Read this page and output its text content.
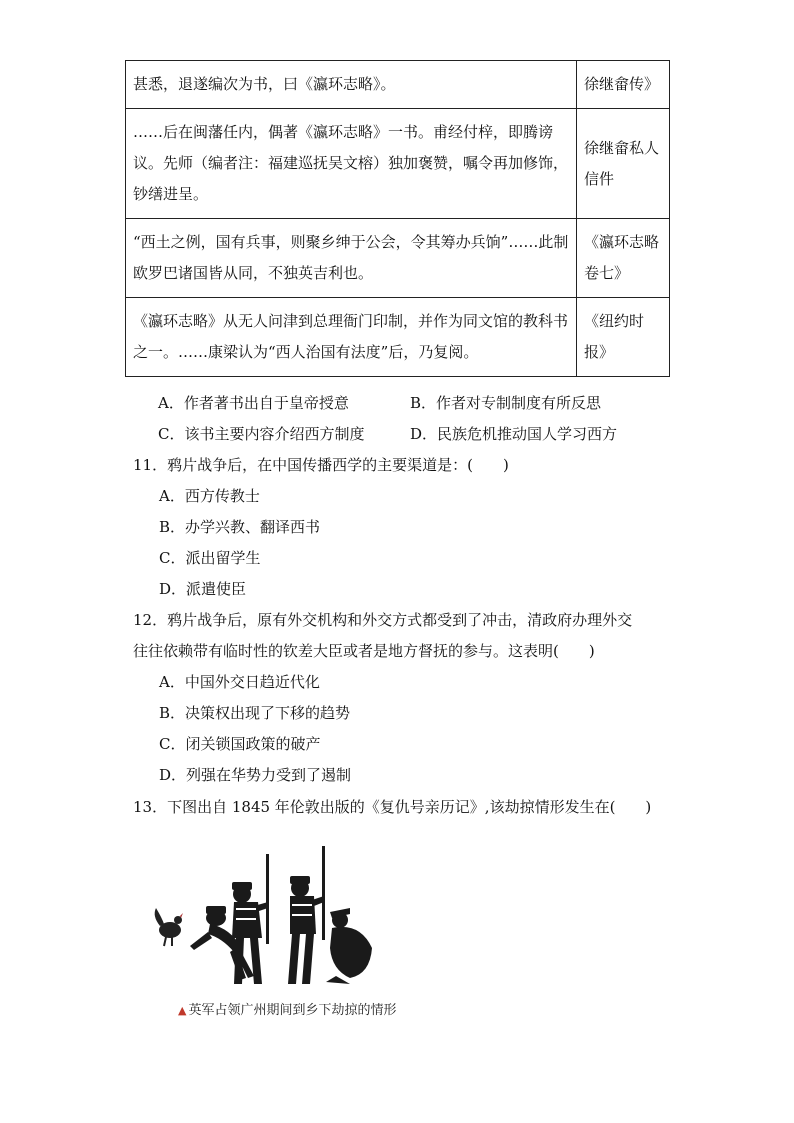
甚悉，退遂编次为书，曰《瀛环志略》。	徐继畲传》
……后在闽藩任内，偶著《瀛环志略》一书。甫经付梓，即腾谤议。先师（编者注：福建巡抚吴文榕）独加褒赞，嘱令再加修饰，钞缮进呈。	徐继畲私人信件
“西土之例，国有兵事，则聚乡绅于公会，令其筹办兵饷”……此制欧罗巴诸国皆从同，不独英吉利也。	《瀛环志略卷七》
《瀛环志略》从无人问津到总理衙门印制，并作为同文馆的教科书之一。……康梁认为“西人治国有法度”后，乃复阅。	《纽约时报》
A．作者著书出自于皇帝授意	B．作者对专制制度有所反思
C．该书主要内容介绍西方制度	D．民族危机推动国人学习西方
11．鸦片战争后，在中国传播西学的主要渠道是：(　　)
A．西方传教士
B．办学兴教、翻译西书
C．派出留学生
D．派遣使臣
12．鸦片战争后，原有外交机构和外交方式都受到了冲击，清政府办理外交
往往依赖带有临时性的钦差大臣或者是地方督抚的参与。这表明(　　)
A．中国外交日趋近代化
B．决策权出现了下移的趋势
C．闭关锁国政策的破产
D．列强在华势力受到了遏制
13．下图出自 1845 年伦敦出版的《复仇号亲历记》,该劫掠情形发生在(　　)
▲ 英军占领广州期间到乡下劫掠的情形
